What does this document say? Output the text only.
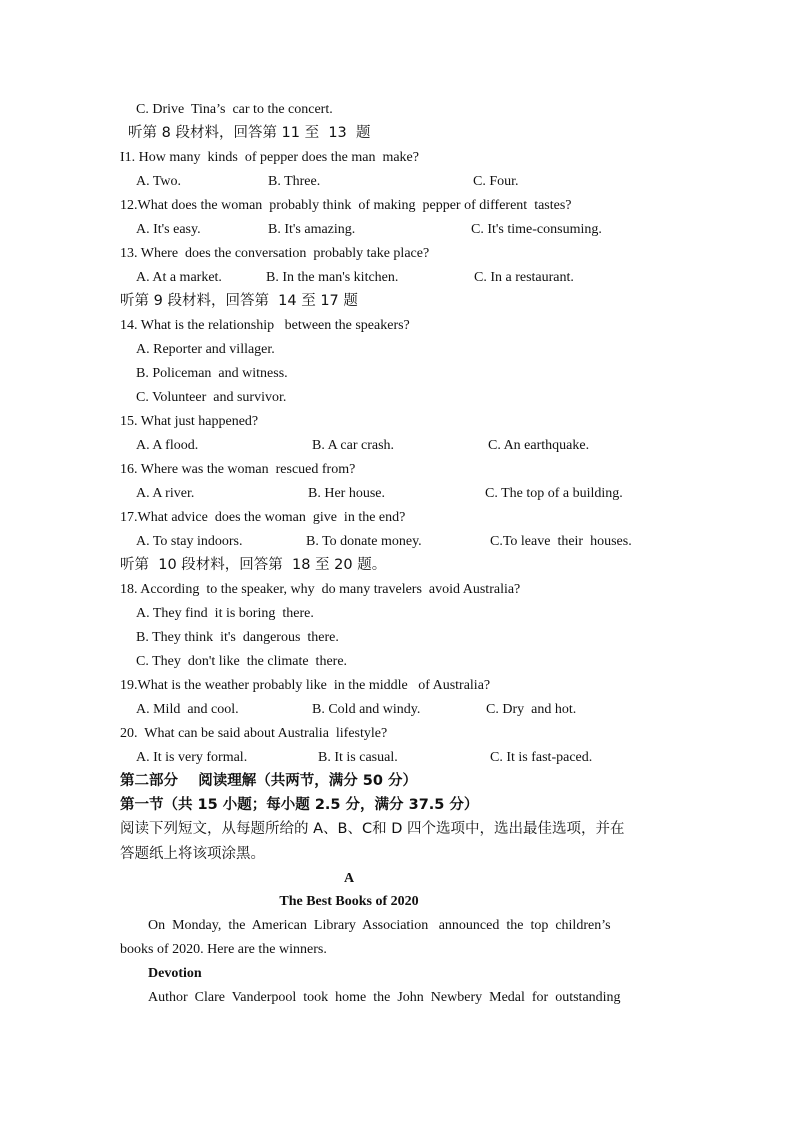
C. Drive  Tina’s  car to the concert.
听第 8 段材料，回答第 11 至  13  题
I1. How many  kinds  of pepper does the man  make?
A. Two.	B. Three.	C. Four.
12.What does the woman  probably think  of making  pepper of different  tastes?
A. It's easy.	B. It's amazing.	C. It's time-consuming.
13. Where  does the conversation  probably take place?
A. At a market.	B. In the man's kitchen.	C. In a restaurant.
听第 9 段材料，回答第  14 至 17 题
14. What is the relationship   between the speakers?
A. Reporter and villager.
B. Policeman  and witness.
C. Volunteer  and survivor.
15. What just happened?
A. A flood.	B. A car crash.	C. An earthquake.
16. Where was the woman  rescued from?
A. A river.	B. Her house.	C. The top of a building.
17.What advice  does the woman  give  in the end?
A. To stay indoors.	B. To donate money.	C.To leave  their  houses.
听第  10 段材料，回答第  18 至 20 题。
18. According  to the speaker, why  do many travelers  avoid Australia?
A. They find  it is boring  there.
B. They think  it's  dangerous  there.
C. They  don't like  the climate  there.
19.What is the weather probably like  in the middle   of Australia?
A. Mild  and cool.	B. Cold and windy.	C. Dry  and hot.
20.  What can be said about Australia  lifestyle?
A. It is very formal.	B. It is casual.	C. It is fast-paced.
第二部分    阅读理解（共两节，满分 50 分）
第一节（共 15 小题；每小题 2.5 分，满分 37.5 分）
阅读下列短文，从每题所给的 A、B、C和 D 四个选项中，选出最佳选项，并在
答题纸上将该项涂黑。
A
The Best Books of 2020
On  Monday,  the  American  Library  Association   announced  the  top  children’s
books of 2020. Here are the winners.
Devotion
Author  Clare  Vanderpool  took  home  the  John  Newbery  Medal  for  outstanding
